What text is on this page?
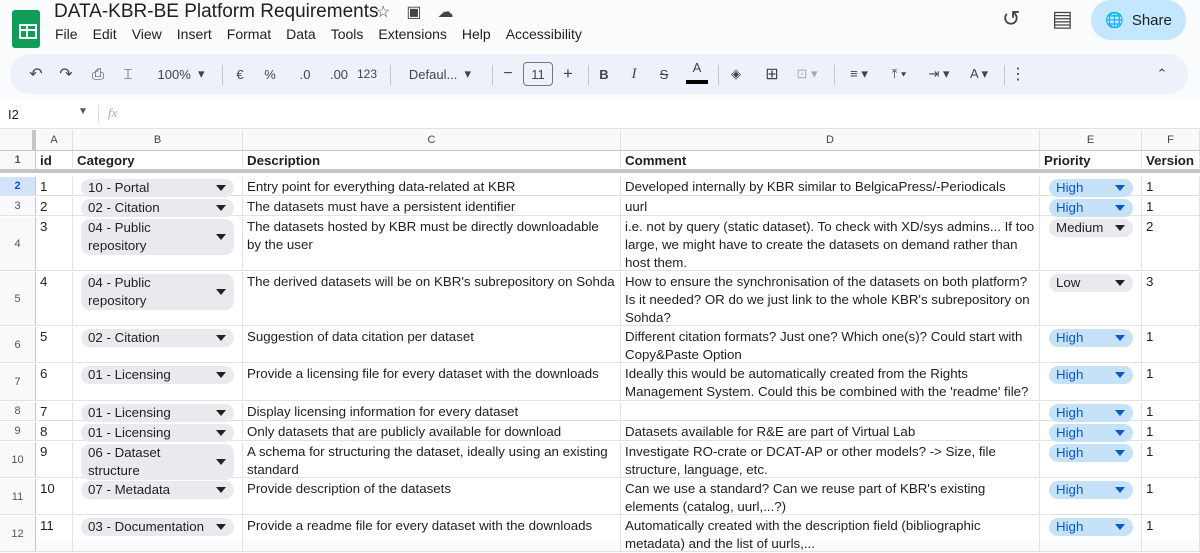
DATA-KBR-BE Platform Requirements
☆ ▣ ☁
File Edit View Insert Format Data Tools Extensions Help Accessibility
↺ ▤ 🌐 Share
↶ ↷ ⎙	⌶	100% ▾	€	%	.0	.00 123 Defaul... ▾	−	11	+ B	I	S	A	◈	⊞	⊡ ▾	≡ ▾	⤒ ▾	⇥ ▾	A ▾	⋮	⌃
I2	▼ fx
A	B	C	D	E	F
1	id	Category	Description	Comment	Priority	Version
2	1	10 - Portal	Entry point for everything data-related at KBR	Developed internally by KBR similar to BelgicaPress/-Periodicals	High	1
3	2	02 - Citation	The datasets must have a persistent identifier	uurl	High	1
4
3	04 - Public repository
The datasets hosted by KBR must be directly downloadable by the user
i.e. not by query (static dataset). To check with XD/sys admins... If too large, we might have to create the datasets on demand rather than host them.
Medium	2
5
4	04 - Public repository
The derived datasets will be on KBR's subrepository on Sohda How to ensure the synchronisation of the datasets on both platform? Is it needed? OR do we just link to the whole KBR's subrepository on Sohda?
Low	3
6
5	02 - Citation	Suggestion of data citation per dataset	Different citation formats? Just one? Which one(s)? Could start with Copy&Paste Option
High	1
7
6	01 - Licensing	Provide a licensing file for every dataset with the downloads	Ideally this would be automatically created from the Rights Management System. Could this be combined with the 'readme' file?
High	1
8	7	01 - Licensing	Display licensing information for every dataset	High	1
9	8	01 - Licensing	Only datasets that are publicly available for download	Datasets available for R&E are part of Virtual Lab	High	1
10
9	06 - Dataset structure
A schema for structuring the dataset, ideally using an existing standard
Investigate RO-crate or DCAT-AP or other models? -> Size, file structure, language, etc.
High	1
11
10	07 - Metadata	Provide description of the datasets	Can we use a standard? Can we reuse part of KBR's existing elements (catalog, uurl,...?)
High	1
12
11	03 - Documentation	Provide a readme file for every dataset with the downloads	Automatically created with the description field (bibliographic metadata) and the list of uurls,...
High	1
